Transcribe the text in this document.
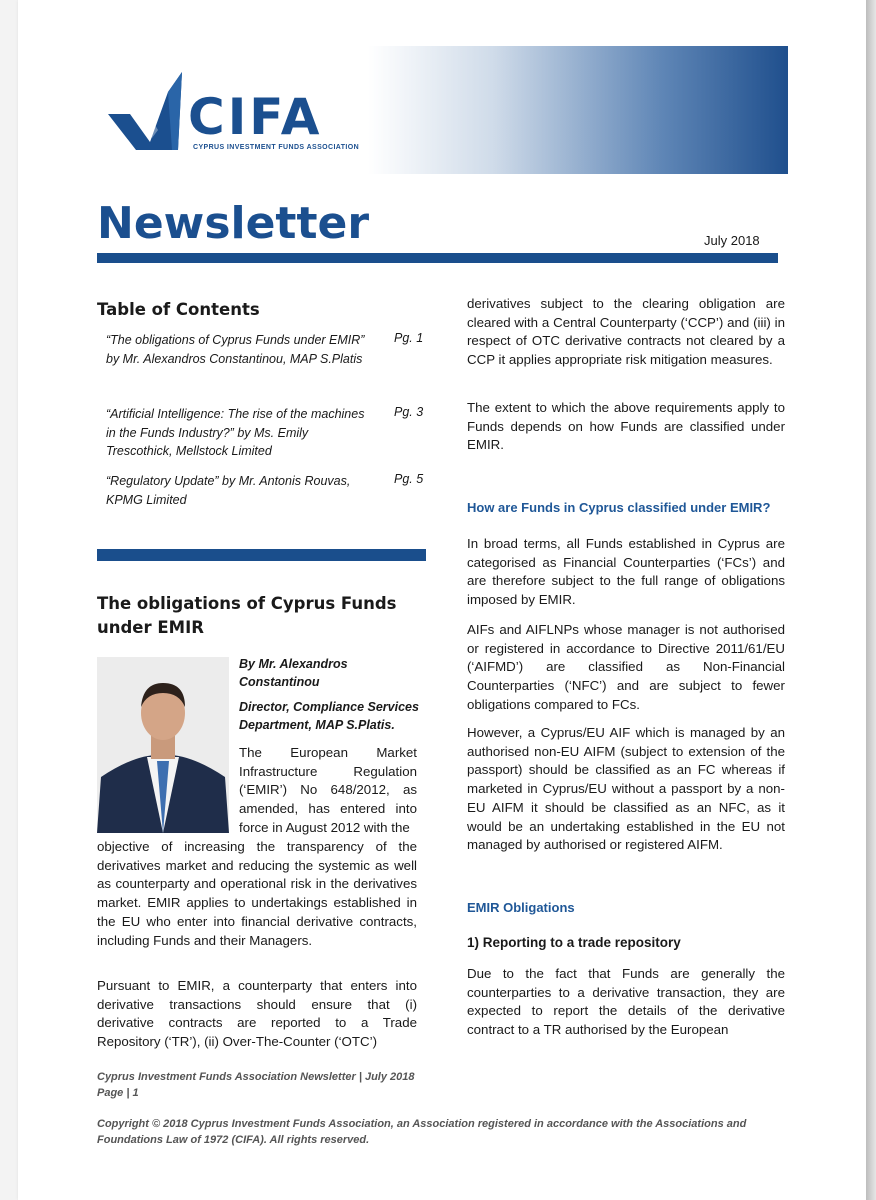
CIFA
CYPRUS INVESTMENT FUNDS ASSOCIATION
Newsletter	July 2018
Table of Contents
“The obligations of Cyprus Funds under EMIR” by Mr. Alexandros Constantinou, MAP S.Platis
Pg. 1
“Artificial Intelligence: The rise of the machines in the Funds Industry?” by Ms. Emily Trescothick, Mellstock Limited
Pg. 3
“Regulatory Update” by Mr. Antonis Rouvas, KPMG Limited
Pg. 5
The obligations of Cyprus Funds under EMIR
By Mr. Alexandros Constantinou
Director, Compliance Services Department, MAP S.Platis.
The European Market Infrastructure Regulation (‘EMIR’) No 648/2012, as amended, has entered into force in August 2012 with the
objective of increasing the transparency of the derivatives market and reducing the systemic as well as counterparty and operational risk in the derivatives market. EMIR applies to undertakings established in the EU who enter into financial derivative contracts, including Funds and their Managers.
Pursuant to EMIR, a counterparty that enters into derivative transactions should ensure that (i) derivative contracts are reported to a Trade Repository (‘TR’), (ii) Over-The-Counter (‘OTC’)
derivatives subject to the clearing obligation are cleared with a Central Counterparty (‘CCP’) and (iii) in respect of OTC derivative contracts not cleared by a CCP it applies appropriate risk mitigation measures.
The extent to which the above requirements apply to Funds depends on how Funds are classified under EMIR.
How are Funds in Cyprus classified under EMIR?
In broad terms, all Funds established in Cyprus are categorised as Financial Counterparties (‘FCs’) and are therefore subject to the full range of obligations imposed by EMIR.
AIFs and AIFLNPs whose manager is not authorised or registered in accordance to Directive 2011/61/EU (‘AIFMD’) are classified as Non-Financial Counterparties (‘NFC’) and are subject to fewer obligations compared to FCs.
However, a Cyprus/EU AIF which is managed by an authorised non-EU AIFM (subject to extension of the passport) should be classified as an FC whereas if marketed in Cyprus/EU without a passport by a non-EU AIFM it should be classified as an NFC, as it would be an undertaking established in the EU not managed by authorised or registered AIFM.
EMIR Obligations
1) Reporting to a trade repository
Due to the fact that Funds are generally the counterparties to a derivative transaction, they are expected to report the details of the derivative contract to a TR authorised by the European
Cyprus Investment Funds Association Newsletter | July 2018 Page | 1
Copyright © 2018 Cyprus Investment Funds Association, an Association registered in accordance with the Associations and Foundations Law of 1972 (CIFA). All rights reserved.
